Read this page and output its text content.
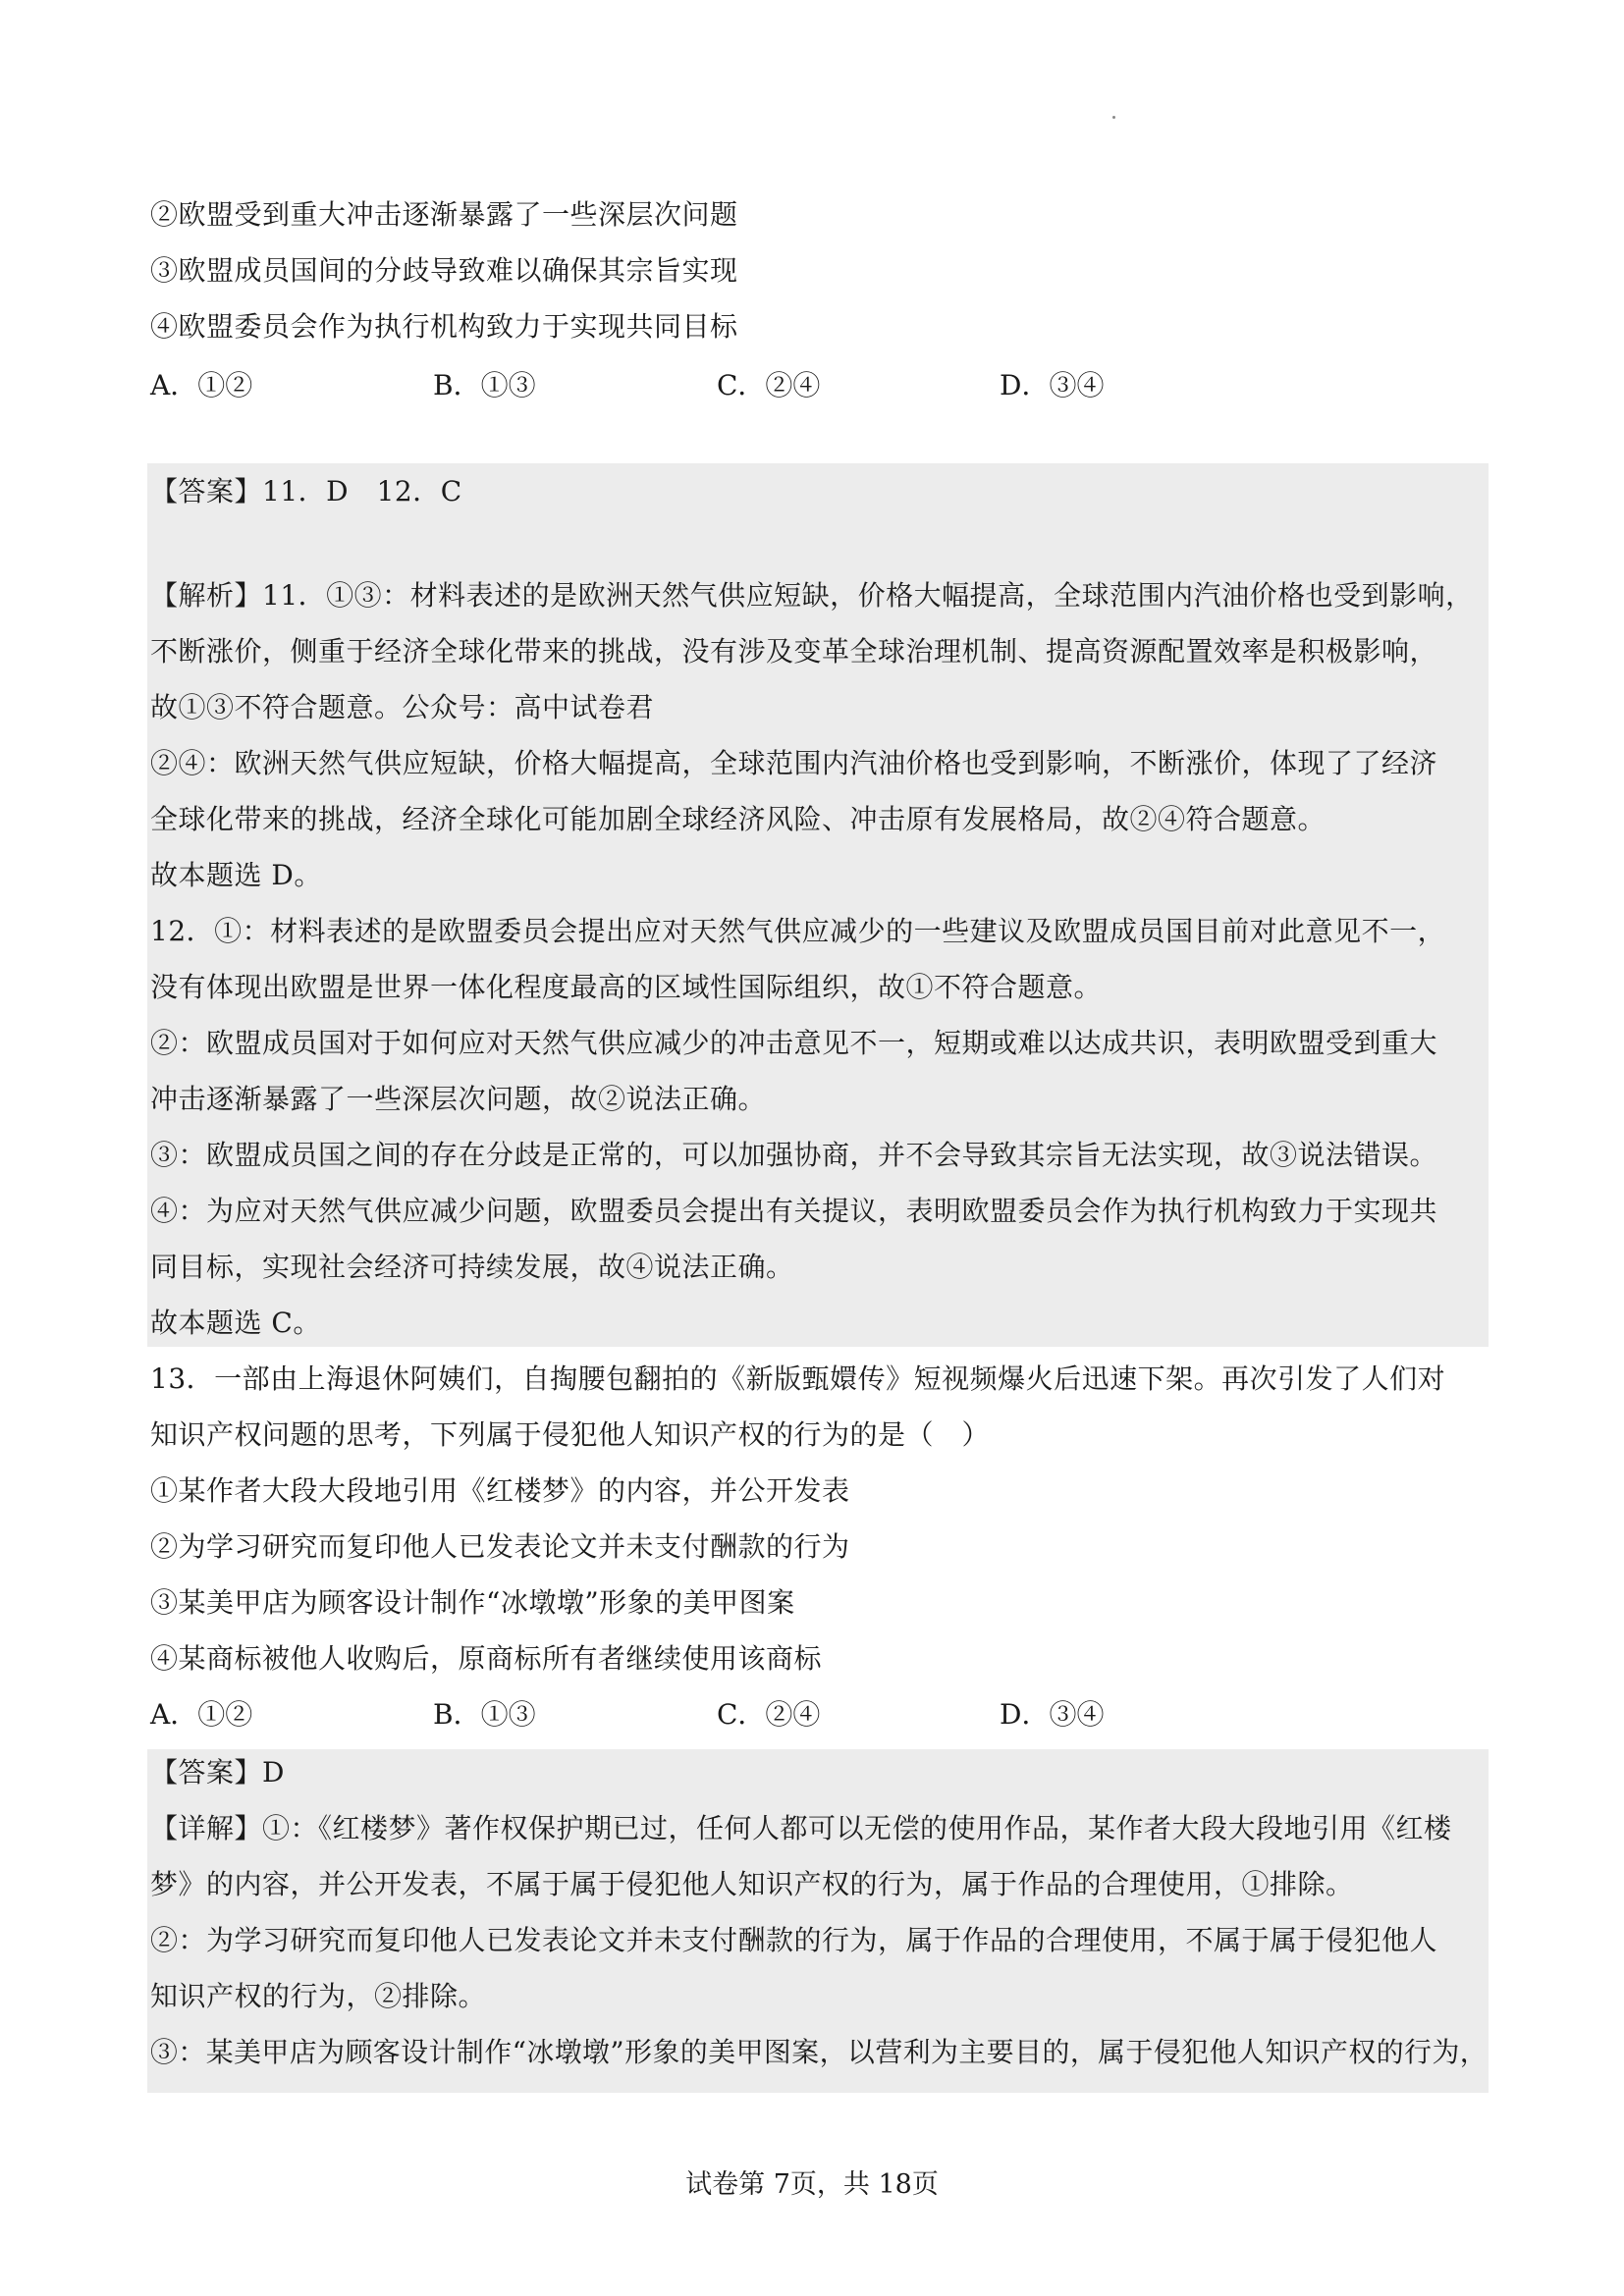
②欧盟受到重大冲击逐渐暴露了一些深层次问题
③欧盟成员国间的分歧导致难以确保其宗旨实现
④欧盟委员会作为执行机构致力于实现共同目标
A．①②	B．①③	C．②④	D．③④
【答案】11．D　12．C
【解析】11．①③：材料表述的是欧洲天然气供应短缺，价格大幅提高，全球范围内汽油价格也受到影响，
不断涨价，侧重于经济全球化带来的挑战，没有涉及变革全球治理机制、提高资源配置效率是积极影响，
故①③不符合题意。公众号：高中试卷君
②④：欧洲天然气供应短缺，价格大幅提高，全球范围内汽油价格也受到影响，不断涨价，体现了了经济
全球化带来的挑战，经济全球化可能加剧全球经济风险、冲击原有发展格局，故②④符合题意。
故本题选 D。
12．①：材料表述的是欧盟委员会提出应对天然气供应减少的一些建议及欧盟成员国目前对此意见不一，
没有体现出欧盟是世界一体化程度最高的区域性国际组织，故①不符合题意。
②：欧盟成员国对于如何应对天然气供应减少的冲击意见不一，短期或难以达成共识，表明欧盟受到重大
冲击逐渐暴露了一些深层次问题，故②说法正确。
③：欧盟成员国之间的存在分歧是正常的，可以加强协商，并不会导致其宗旨无法实现，故③说法错误。
④：为应对天然气供应减少问题，欧盟委员会提出有关提议，表明欧盟委员会作为执行机构致力于实现共
同目标，实现社会经济可持续发展，故④说法正确。
故本题选 C。
13．一部由上海退休阿姨们，自掏腰包翻拍的《新版甄嬛传》短视频爆火后迅速下架。再次引发了人们对
知识产权问题的思考，下列属于侵犯他人知识产权的行为的是（　）
①某作者大段大段地引用《红楼梦》的内容，并公开发表
②为学习研究而复印他人已发表论文并未支付酬款的行为
③某美甲店为顾客设计制作“冰墩墩”形象的美甲图案
④某商标被他人收购后，原商标所有者继续使用该商标
A．①②	B．①③	C．②④	D．③④
【答案】D
【详解】①：《红楼梦》著作权保护期已过，任何人都可以无偿的使用作品，某作者大段大段地引用《红楼
梦》的内容，并公开发表，不属于属于侵犯他人知识产权的行为，属于作品的合理使用，①排除。
②：为学习研究而复印他人已发表论文并未支付酬款的行为，属于作品的合理使用，不属于属于侵犯他人
知识产权的行为，②排除。
③：某美甲店为顾客设计制作“冰墩墩”形象的美甲图案，以营利为主要目的，属于侵犯他人知识产权的行为，
试卷第 7页，共 18页
